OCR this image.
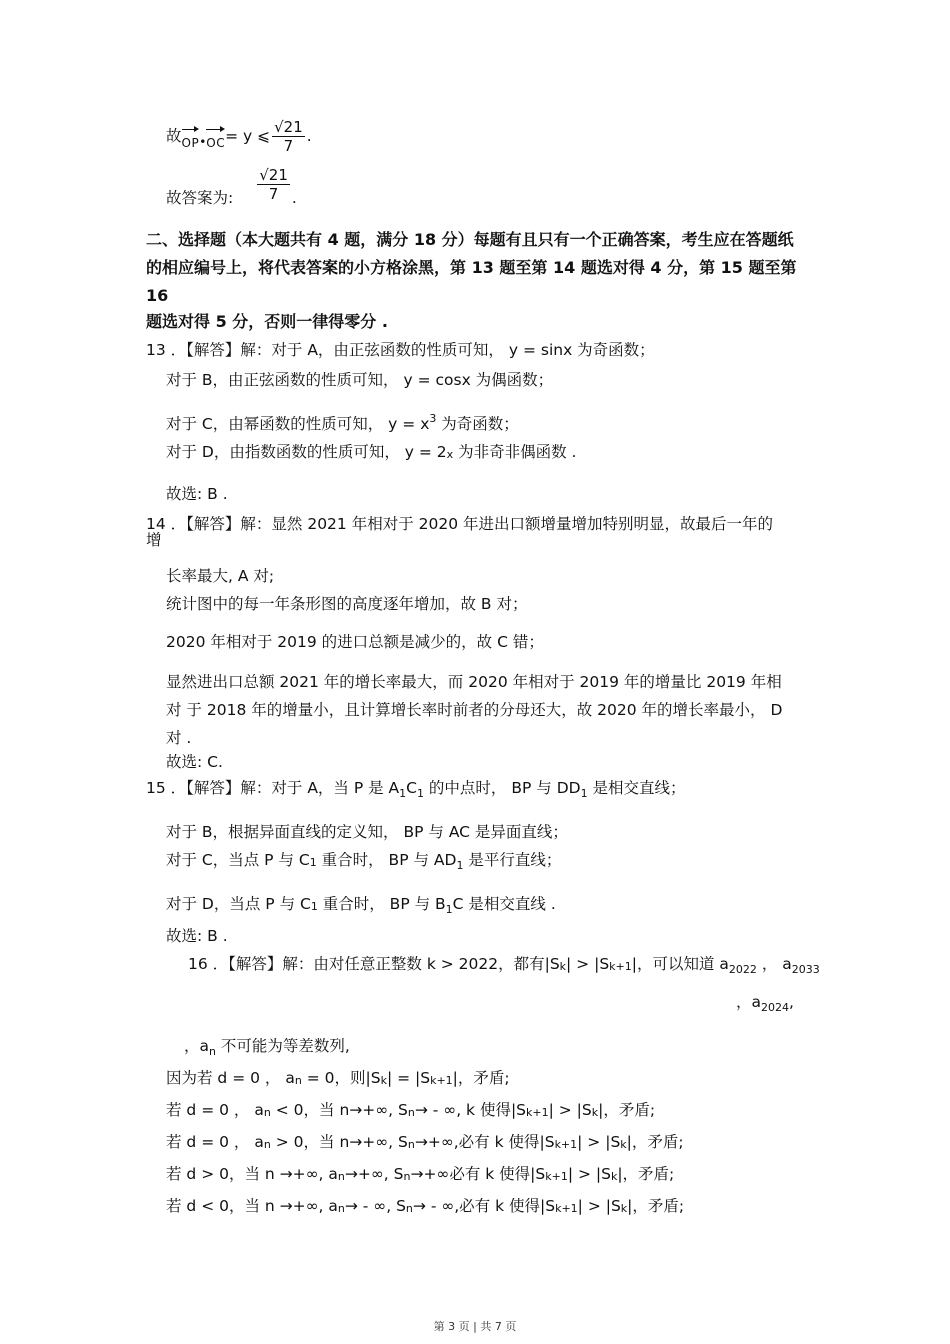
故$OP_•OC= y$ ⩽ $\frac{√21}{7}$ .
故答案为: $\frac{√21}{7}$ .
二、选择题（本大题共有 4 题，满分 18 分）每题有且只有一个正确答案，考生应在答题纸
的相应编号上，将代表答案的小方格涂黑，第 13 题至第 14 题选对得 4 分，第 15 题至第
16
题选对得 5 分，否则一律得零分 .
13 ．【解答】解：对于 A，由正弦函数的性质可知， y = sinx 为奇函数；
对于 B，由正弦函数的性质可知， y = cosx 为偶函数；
对于 C，由幂函数的性质可知， $y = x^3$ 为奇函数；
对于 D，由指数函数的性质可知， $y = 2_x$ 为非奇非偶函数 .
故选: B .
14 ．【解答】解：显然 2021 年相对于 2020 年进出口额增量增加特别明显，故最后一年的
增
长率最大, A 对;
统计图中的每一年条形图的高度逐年增加，故 B 对；
2020 年相对于 2019 的进口总额是减少的，故 C 错；
显然进出口总额 2021 年的增长率最大，而 2020 年相对于 2019 年的增量比 2019 年相
对 于 2018 年的增量小，且计算增长率时前者的分母还大，故 2020 年的增长率最小， D
对 .
故选: C.
15 ．【解答】解：对于 A，当 P 是 $A_1C_1$ 的中点时， BP 与 $DD_1$ 是相交直线；
对于 B，根据异面直线的定义知， BP 与 AC 是异面直线；
对于 C，当点 P 与 $C_1$ 重合时， BP 与 $AD_1$ 是平行直线；
对于 D，当点 P 与 $C_1$ 重合时， BP 与 $B_1C$ 是相交直线 .
故选: B .
16 ．【解答】解：由对任意正整数 k > 2022，都有$|S_k| > |S_{k+1}|$，可以知道 $a_{2022}$ ， $a_{2033}$
，$a_{2024}$,
，$a_n$ 不可能为等差数列,
因为若 d = 0 ， $a_n = 0$，则$|S_k| = |S_{k+1}|$，矛盾;
若 d = 0 ， $a_n < 0$，当 n→+∞, $S_n\to$ - ∞, k 使得$|S_{k+1}| > |S_k|$，矛盾;
若 d = 0 ， $a_n > 0$，当 n→+∞, $S_n\to+\infty$,必有 k 使得$|S_{k+1}| > |S_k|$，矛盾;
若 d > 0，当 n →+∞, $a_n\to+\infty$, $S_n\to+\infty$必有 k 使得$|S_{k+1}| > |S_k|$，矛盾;
若 d < 0，当 n →+∞, $a_n\to$ - ∞, $S_n\to$ - ∞,必有 k 使得$|S_{k+1}| > |S_k|$，矛盾;
第 3 页 | 共 7 页
